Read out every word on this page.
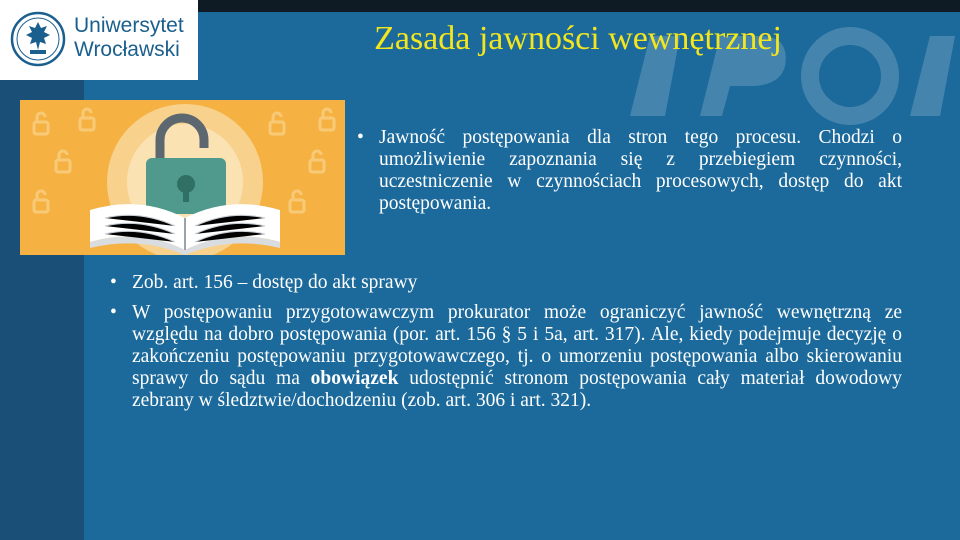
Uniwersytet
Wrocławski	Zasada jawności wewnętrznej
• Jawność postępowania dla stron tego procesu. Chodzi o umożliwienie zapoznania się z przebiegiem czynności, uczestniczenie w czynnościach procesowych, dostęp do akt postępowania.
• Zob. art. 156 – dostęp do akt sprawy
• W postępowaniu przygotowawczym prokurator może ograniczyć jawność wewnętrzną ze względu na dobro postępowania (por. art. 156 § 5 i 5a, art. 317). Ale, kiedy podejmuje decyzję o zakończeniu postępowaniu przygotowawczego, tj. o umorzeniu postępowania albo skierowaniu sprawy do sądu ma obowiązek udostępnić stronom postępowania cały materiał dowodowy zebrany w śledztwie/dochodzeniu (zob. art. 306 i art. 321).
